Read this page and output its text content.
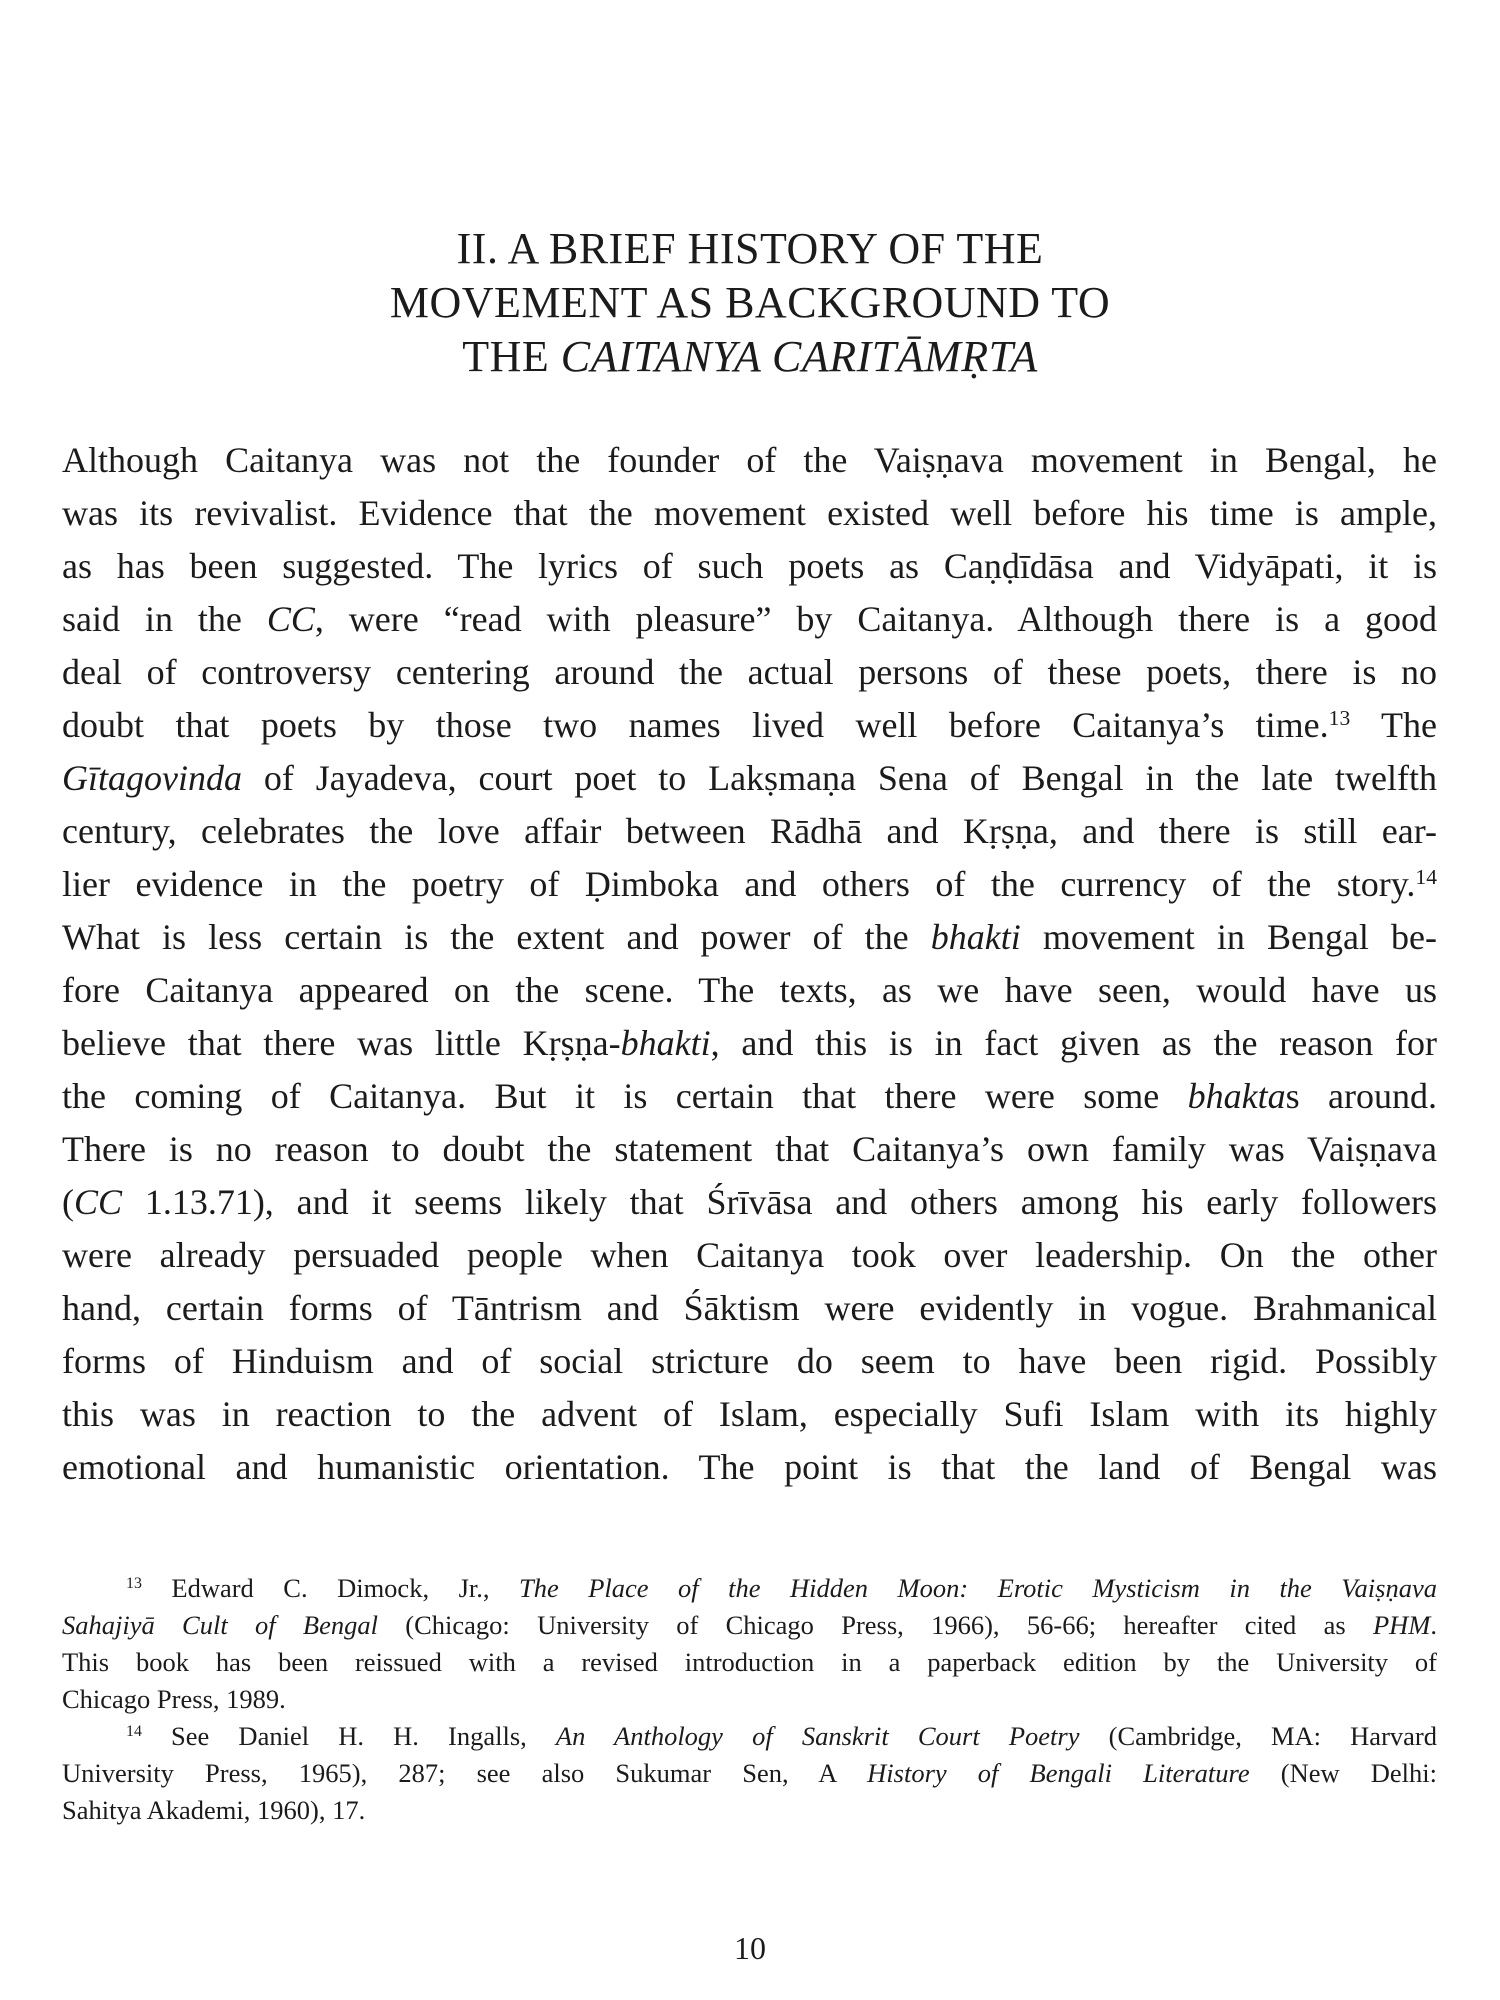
II. A BRIEF HISTORY OF THE
MOVEMENT AS BACKGROUND TO
THE CAITANYA CARITĀMṚTA
Although Caitanya was not the founder of the Vaiṣṇava movement in Bengal, he
was its revivalist. Evidence that the movement existed well before his time is ample,
as has been suggested. The lyrics of such poets as Caṇḍīdāsa and Vidyāpati, it is
said in the CC, were “read with pleasure” by Caitanya. Although there is a good
deal of controversy centering around the actual persons of these poets, there is no
doubt that poets by those two names lived well before Caitanya’s time.$^{13}$ The
Gītagovinda of Jayadeva, court poet to Lakṣmaṇa Sena of Bengal in the late twelfth
century, celebrates the love affair between Rādhā and Kṛṣṇa, and there is still ear-
lier evidence in the poetry of Ḍimboka and others of the currency of the story.$^{14}$
What is less certain is the extent and power of the bhakti movement in Bengal be-
fore Caitanya appeared on the scene. The texts, as we have seen, would have us
believe that there was little Kṛṣṇa-bhakti, and this is in fact given as the reason for
the coming of Caitanya. But it is certain that there were some bhaktas around.
There is no reason to doubt the statement that Caitanya’s own family was Vaiṣṇava
(CC 1.13.71), and it seems likely that Śrīvāsa and others among his early followers
were already persuaded people when Caitanya took over leadership. On the other
hand, certain forms of Tāntrism and Śāktism were evidently in vogue. Brahmanical
forms of Hinduism and of social stricture do seem to have been rigid. Possibly
this was in reaction to the advent of Islam, especially Sufi Islam with its highly
emotional and humanistic orientation. The point is that the land of Bengal was
$^{13}$ Edward C. Dimock, Jr., The Place of the Hidden Moon: Erotic Mysticism in the Vaiṣṇava
Sahajiyā Cult of Bengal (Chicago: University of Chicago Press, 1966), 56-66; hereafter cited as PHM.
This book has been reissued with a revised introduction in a paperback edition by the University of
Chicago Press, 1989.
$^{14}$ See Daniel H. H. Ingalls, An Anthology of Sanskrit Court Poetry (Cambridge, MA: Harvard
University Press, 1965), 287; see also Sukumar Sen, A History of Bengali Literature (New Delhi:
Sahitya Akademi, 1960), 17.
10
